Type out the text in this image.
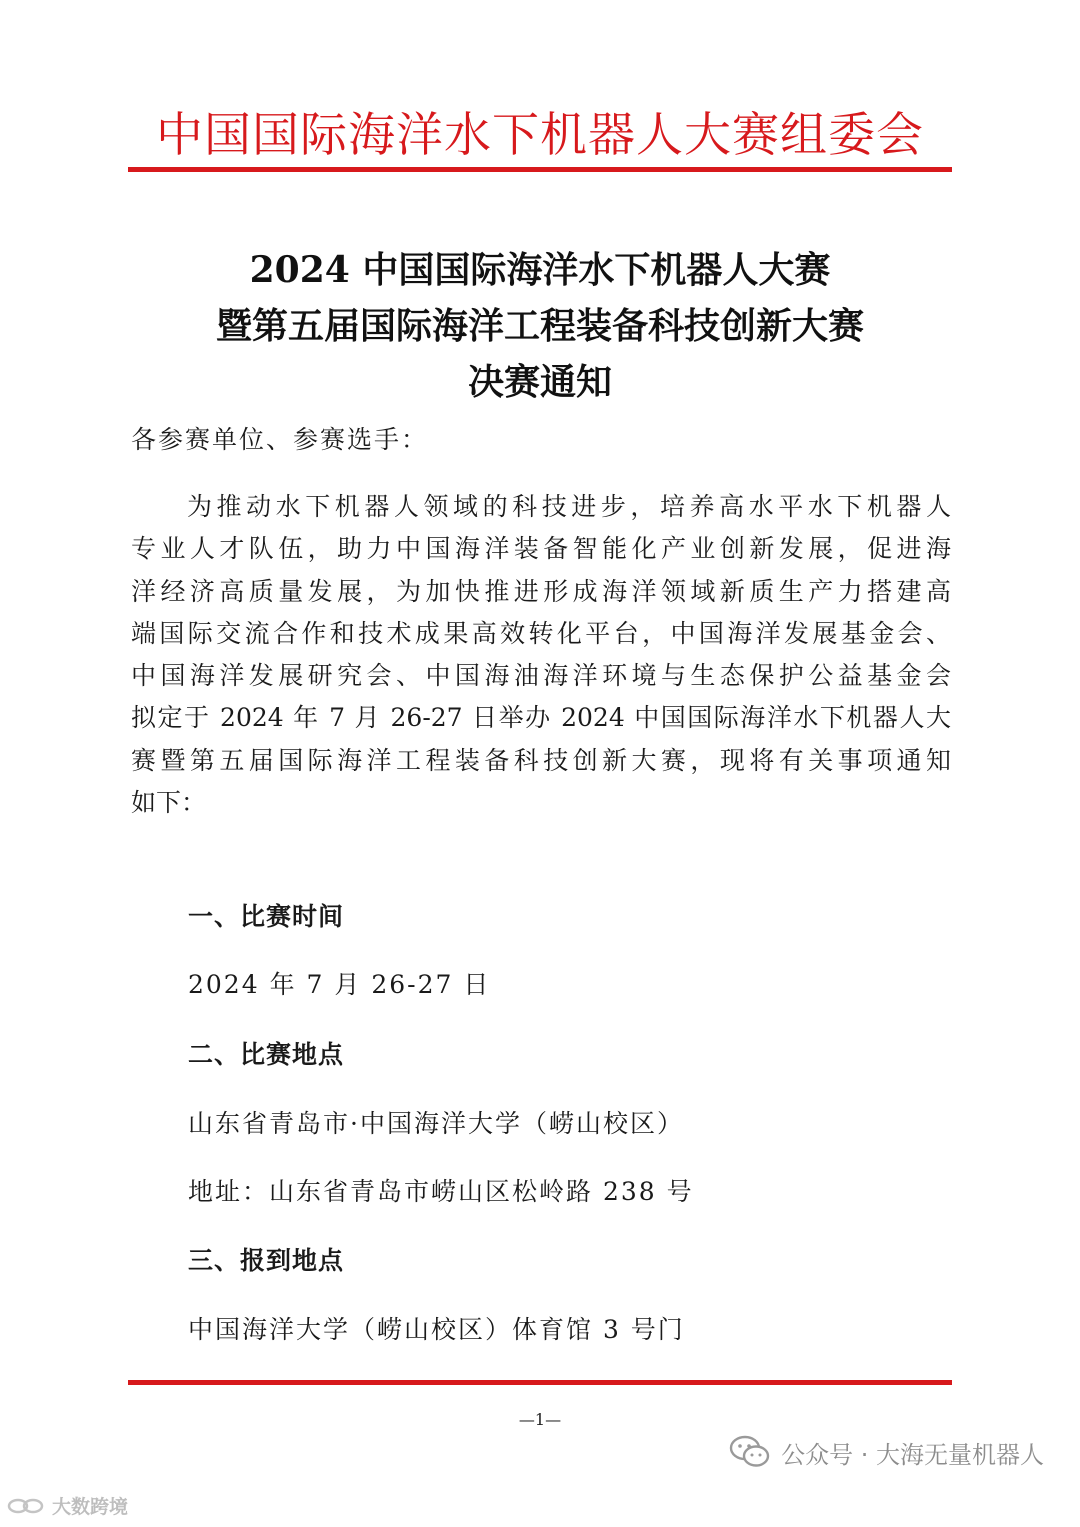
中国国际海洋水下机器人大赛组委会
2024 中国国际海洋水下机器人大赛
暨第五届国际海洋工程装备科技创新大赛
决赛通知
各参赛单位、参赛选手：
为推动水下机器人领域的科技进步，培养高水平水下机器人
专业人才队伍，助力中国海洋装备智能化产业创新发展，促进海
洋经济高质量发展，为加快推进形成海洋领域新质生产力搭建高
端国际交流合作和技术成果高效转化平台，中国海洋发展基金会、
中国海洋发展研究会、中国海油海洋环境与生态保护公益基金会
拟定于 2024 年 7 月 26-27 日举办 2024 中国国际海洋水下机器人大
赛暨第五届国际海洋工程装备科技创新大赛，现将有关事项通知
如下：
一、比赛时间
2024 年 7 月 26-27 日
二、比赛地点
山东省青岛市·中国海洋大学（崂山校区）
地址：山东省青岛市崂山区松岭路 238 号
三、报到地点
中国海洋大学（崂山校区）体育馆 3 号门
—1—
公众号 · 大海无量机器人
大数跨境
